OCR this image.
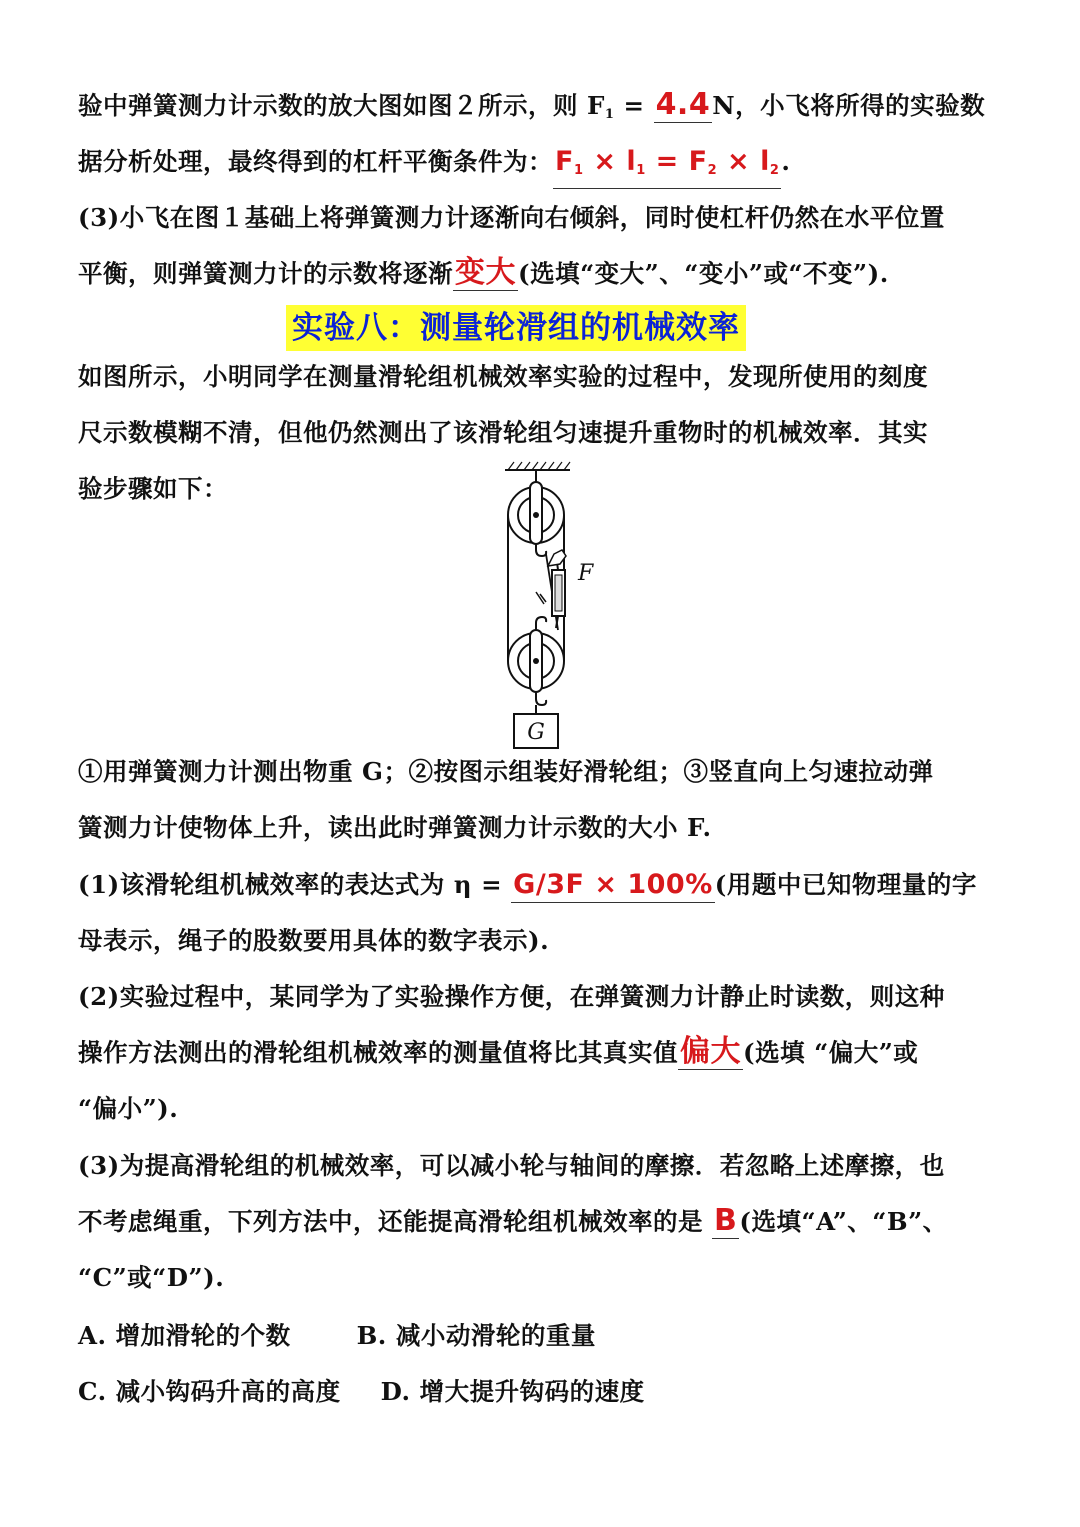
验中弹簧测力计示数的放大图如图２所示，则 $F_1 = 4.4N$，小飞将所得的实验数
据分析处理，最终得到的杠杆平衡条件为：$F_1 \times l_1 = F_2 \times l_2$.
(3)小飞在图１基础上将弹簧测力计逐渐向右倾斜，同时使杠杆仍然在水平位置
平衡，则弹簧测力计的示数将逐渐变大(选填“变大”、“变小”或“不变”).
实验八：测量轮滑组的机械效率
如图所示，小明同学在测量滑轮组机械效率实验的过程中，发现所使用的刻度
尺示数模糊不清，但他仍然测出了该滑轮组匀速提升重物时的机械效率．其实
验步骤如下：
F
G
①用弹簧测力计测出物重 G；②按图示组装好滑轮组；③竖直向上匀速拉动弹
簧测力计使物体上升，读出此时弹簧测力计示数的大小 F.
(1)该滑轮组机械效率的表达式为 η = G/3F × 100%(用题中已知物理量的字
母表示，绳子的股数要用具体的数字表示).
(2)实验过程中，某同学为了实验操作方便，在弹簧测力计静止时读数，则这种
操作方法测出的滑轮组机械效率的测量值将比其真实值偏大(选填 “偏大”或
“偏小”).
(3)为提高滑轮组的机械效率，可以减小轮与轴间的摩擦．若忽略上述摩擦，也
不考虑绳重，下列方法中，还能提高滑轮组机械效率的是 B(选填“A”、“B”、
“C”或“D”).
A. 增加滑轮的个数	B. 减小动滑轮的重量
C. 减小钩码升高的高度 D. 增大提升钩码的速度
